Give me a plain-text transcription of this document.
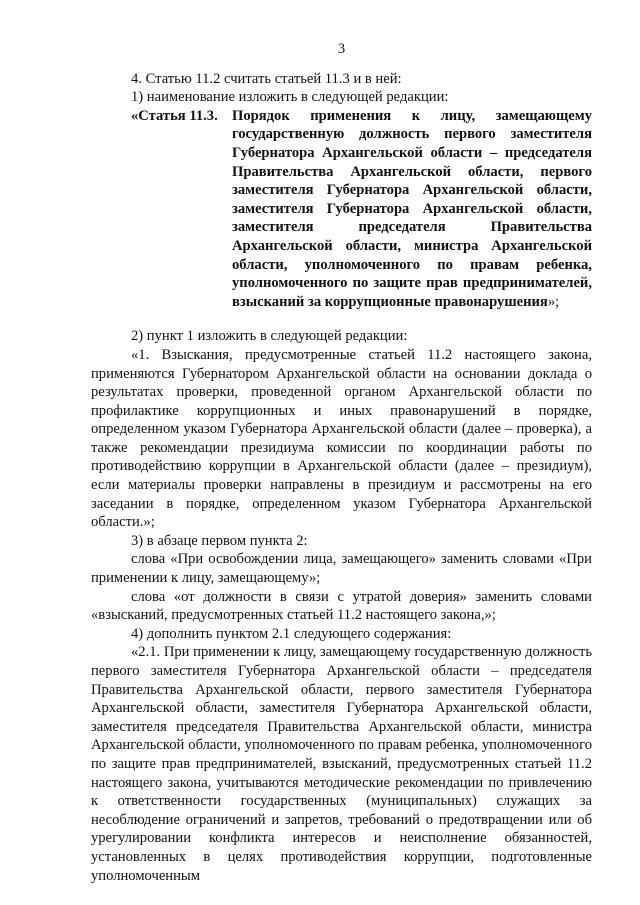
3

4. Статью 11.2 считать статьей 11.3 и в ней:

1) наименование изложить в следующей редакции:

«Статья 11.3. Порядок применения к лицу, замещающему государственную должность первого заместителя Губернатора Архангельской области – председателя Правительства Архангельской области, первого заместителя Губернатора Архангельской области, заместителя Губернатора Архангельской области, заместителя председателя Правительства Архангельской области, министра Архангельской области, уполномоченного по правам ребенка, уполномоченного по защите прав предпринимателей, взысканий за коррупционные правонарушения»;

2) пункт 1 изложить в следующей редакции:

«1. Взыскания, предусмотренные статьей 11.2 настоящего закона, применяются Губернатором Архангельской области на основании доклада о результатах проверки, проведенной органом Архангельской области по профилактике коррупционных и иных правонарушений в порядке, определенном указом Губернатора Архангельской области (далее – проверка), а также рекомендации президиума комиссии по координации работы по противодействию коррупции в Архангельской области (далее – президиум), если материалы проверки направлены в президиум и рассмотрены на его заседании в порядке, определенном указом Губернатора Архангельской области.»;

3) в абзаце первом пункта 2:

слова «При освобождении лица, замещающего» заменить словами «При применении к лицу, замещающему»;

слова «от должности в связи с утратой доверия» заменить словами «взысканий, предусмотренных статьей 11.2 настоящего закона,»;

4) дополнить пунктом 2.1 следующего содержания:

«2.1. При применении к лицу, замещающему государственную должность первого заместителя Губернатора Архангельской области – председателя Правительства Архангельской области, первого заместителя Губернатора Архангельской области, заместителя Губернатора Архангельской области, заместителя председателя Правительства Архангельской области, министра Архангельской области, уполномоченного по правам ребенка, уполномоченного по защите прав предпринимателей, взысканий, предусмотренных статьей 11.2 настоящего закона, учитываются методические рекомендации по привлечению к ответственности государственных (муниципальных) служащих за несоблюдение ограничений и запретов, требований о предотвращении или об урегулировании конфликта интересов и неисполнение обязанностей, установленных в целях противодействия коррупции, подготовленные уполномоченным
